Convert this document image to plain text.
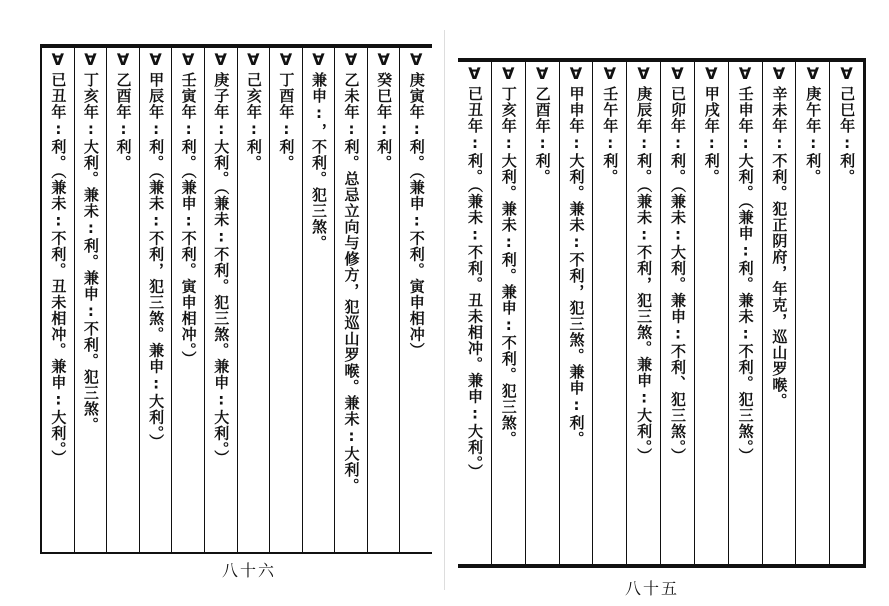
∀
庚寅年:利。（兼申:不利。寅申相冲）
∀
癸巳年:利。
∀
乙未年:利。总忌立向与修方，犯巡山罗喉。兼未:大利。
∀
兼申:，不利。犯三煞。
∀
丁酉年:利。
∀
己亥年:利。
∀
庚子年:大利。（兼未:不利。犯三煞。兼申:大利。）
∀
壬寅年:利。（兼申:不利。寅申相冲。）
∀
甲辰年:利。（兼未:不利，犯三煞。兼申:大利。）
∀
乙酉年:利。
∀
丁亥年:大利。兼未:利。兼申:不利。犯三煞。
∀
已丑年:利。（兼未:不利。丑未相冲。兼申:大利。）
八十六
∀
己巳年:利。
∀
庚午年:利。
∀
辛未年:不利。犯正阴府，年克，巡山罗喉。
∀
壬申年:大利。（兼申:利。兼未:不利。犯三煞。）
∀
甲戌年:利。
∀
已卯年:利。（兼未:大利。兼申:不利、犯三煞。）
∀
庚辰年:利。（兼未:不利，犯三煞。兼申:大利。）
∀
壬午年:利。
∀
甲申年:大利。兼未:不利，犯三煞。兼申:利。
∀
乙酉年:利。
∀
丁亥年:大利。兼未:利。兼申:不利。犯三煞。
∀
已丑年:利。（兼未:不利。丑未相冲。兼申:大利。）
八十五
